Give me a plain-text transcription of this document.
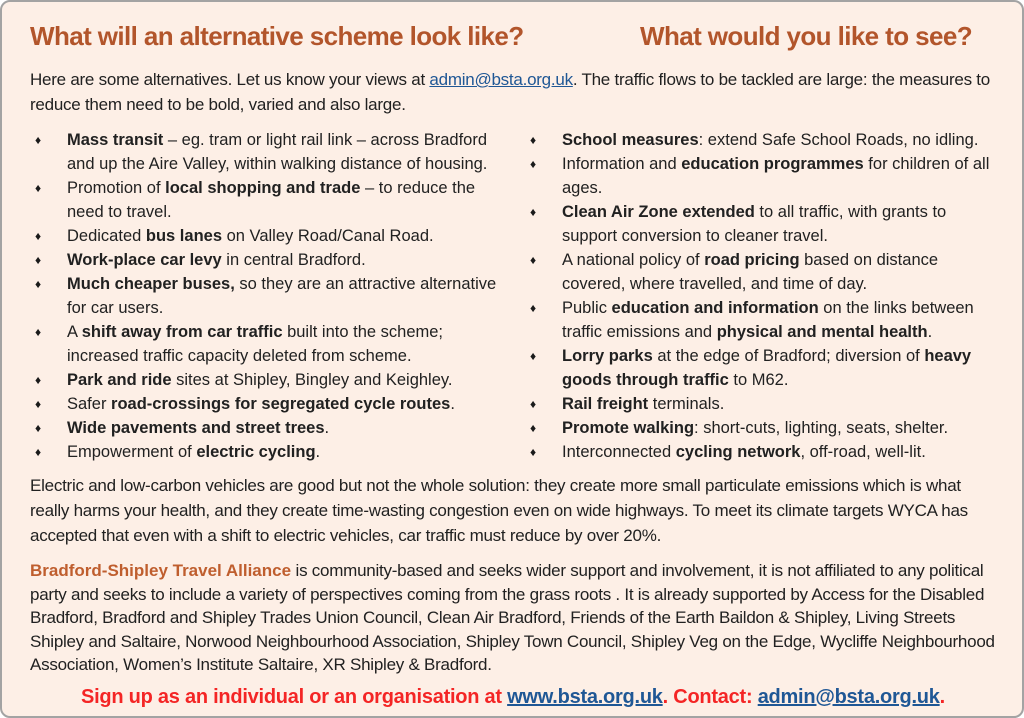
What will an alternative scheme look like?	What would you like to see?

Here are some alternatives. Let us know your views at admin@bsta.org.uk. The traffic flows to be tackled are large: the measures to reduce them need to be bold, varied and also large.

♦ Mass transit – eg. tram or light rail link – across Bradford and up the Aire Valley, within walking distance of housing.
♦ Promotion of local shopping and trade – to reduce the need to travel.
♦ Dedicated bus lanes on Valley Road/Canal Road.
♦ Work-place car levy in central Bradford.
♦ Much cheaper buses, so they are an attractive alternative for car users.
♦ A shift away from car traffic built into the scheme; increased traffic capacity deleted from scheme.
♦ Park and ride sites at Shipley, Bingley and Keighley.
♦ Safer road-crossings for segregated cycle routes.
♦ Wide pavements and street trees.
♦ Empowerment of electric cycling.
♦ School measures: extend Safe School Roads, no idling.
♦ Information and education programmes for children of all ages.
♦ Clean Air Zone extended to all traffic, with grants to support conversion to cleaner travel.
♦ A national policy of road pricing based on distance covered, where travelled, and time of day.
♦ Public education and information on the links between traffic emissions and physical and mental health.
♦ Lorry parks at the edge of Bradford; diversion of heavy goods through traffic to M62.
♦ Rail freight terminals.
♦ Promote walking: short-cuts, lighting, seats, shelter.
♦ Interconnected cycling network, off-road, well-lit.

Electric and low-carbon vehicles are good but not the whole solution: they create more small particulate emissions which is what really harms your health, and they create time-wasting congestion even on wide highways. To meet its climate targets WYCA has accepted that even with a shift to electric vehicles, car traffic must reduce by over 20%.

Bradford-Shipley Travel Alliance is community-based and seeks wider support and involvement, it is not affiliated to any political party and seeks to include a variety of perspectives coming from the grass roots . It is already supported by Access for the Disabled Bradford, Bradford and Shipley Trades Union Council, Clean Air Bradford, Friends of the Earth Baildon & Shipley, Living Streets Shipley and Saltaire, Norwood Neighbourhood Association, Shipley Town Council, Shipley Veg on the Edge, Wycliffe Neighbourhood Association, Women’s Institute Saltaire, XR Shipley & Bradford.

Sign up as an individual or an organisation at www.bsta.org.uk. Contact: admin@bsta.org.uk.
